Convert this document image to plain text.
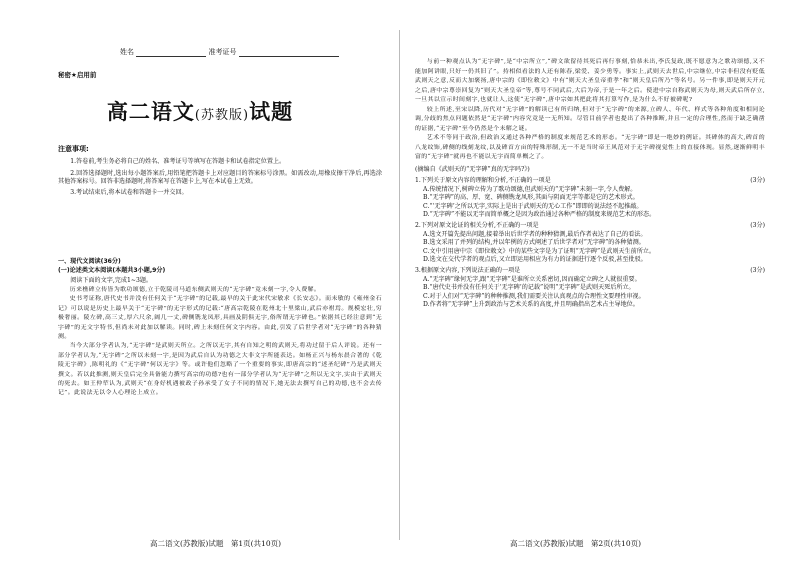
姓名	准考证号
秘密★启用前
高二语文(苏教版)试题

注意事项:

1.答卷前,考生务必将自己的姓名、准考证号等填写在答题卡和试卷指定位置上。

2.回答选择题时,选出每小题答案后,用铅笔把答题卡上对应题目的答案标号涂黑。如需改动,用橡皮擦干净后,再选涂其他答案标号。回答非选择题时,将答案写在答题卡上,写在本试卷上无效。

3.考试结束后,将本试卷和答题卡一并交回。

一、现代文阅读(36分)

(一)论述类文本阅读(本题共3小题,9分)

阅读下面的文字,完成1~3题。

历来樵碑立传皆为歌功颂德,立于乾陵司马道东侧武则天的“无字碑”竟未刻一字,令人费解。

史书考证称,唐代史书并没有任何关于“无字碑”的记载,最早的关于此宋代宋敏求《长安志》。而未敏的《雍州金石记》可以说是历史上最早关于“无字碑”的无字形式的记载:“唐高宗乾陵在乾州北十里梁山,武后亦祔焉。规模宏壮,穷极奢丽。陵左碑,高三丈,厚六尺余,阔几一丈,碑侧镌龙凤形,具画及阴俱无字,俗所谓无字碑也。”依据其已经注意到“无字碑”的无文字特书,但尚未对此加以解读。同时,碑上未刻任何文字内容。由此,引发了后世学者对“无字碑”的各种猜测。

当今大部分学者认为,“无字碑”是武则天所立。之所以无字,其有自知之明的武则天,将功过留于后人评说。还有一部分学者认为,“无字碑”之所以未刻一字,是因为武后自认为功德之大非文字所能表达。如杨正兴与杨东晨合著的《乾陵无字碑》,陈明礼的《“无字碑”何以无字》等。或许他们忽略了一个重要的事实,即唐高宗的“述圣纪碑”乃是武则天撰文。若以此推测,则天皇后完全具备能力撰写高宗的功德?也有一部分学者认为“无字碑”之所以无文字,实由于武则天的死去。如王仲荦认为,武则天“在身好机遇被政子孙承受了女子不同的情况下,她无法去撰写自己的功德,也不会去传记”。此说法无以令人心理论上成立。

高二语文(苏教版)试题　第1页(共10页)

与前一种观点认为“无字碑”,是“中宗所立”,“碑文欲留待其死后再行事刻,恰恭未出,李氏复政,既不愿意为之歌功颂德,又不能加阿讲眼,只好一仍其旧了”。持相似看法的人还有陈春,梁爱、姜少勇等。事实上,武则天去世后,中宗继位,中宗非但没有贬低武则天之意,反而大加褒扬,唐中宗的《即位敕文》中有“则天大圣皇帝重孝”和“则天皇后所乃”等名号。另一件事,即是则天开元之后,唐中宗尊崇回复为“则天大圣皇帝”等,尊号不同武后,大后为帝,于是一年之后。使进中宗自称武则天为母,则天武后所存立,一旦其以宣示时间刻字,也就让人,这使“无字碑”,唐中宗如其把此将其打算写作,是为什么不好被碑呢?

较上所述,至宋以降,历代对“无字碑”的解读已有所归纳,但对于“无字碑”的来源,立碑人、年代、样式等各种角度和相同论调,分歧的焦点问题依然是“无字碑”内容究竟是一无所知。尽管目前学者也提出了各种推断,并且一定的合理性,然而于缺乏确凿的证据,“无字碑”至今仍然是个未解之谜。

艺术不等同于政治,但政治又通过各种严格的制度来规范艺术的形态。“无字碑”即是一绝妙的例证。其碑体的高大,碑首的八龙纹饰,碑侧的线刻龙纹,以及碑首方亩的特殊形制,无一不是当时帝王风范对于无字碑视觉性上的直接体现。显然,逐渐鲜明丰富的“无字碑”就再也不能以无字而简单概之了。

(摘编自《武则天的“无字碑”真的无字吗?》)

1.下列关于原文内容的理解和分析,不正确的一项是	(3分)

A.传统情况下,树碑立传为了歌功颂德,但武则天的“无字碑”未刻一字,令人费解。

B.“无字碑”的高、厚、宽、碑侧镌龙凤形,其面与阴面无字等都是它的艺术形式。

C.“‘无字碑’之所以无字,实际上是出于武则天的无心工作”即即的说法经不起推敲。

D.“无字碑”不能以无字而简单概之是因为政治通过各种严格的制度来规范艺术的形态。

2.下列对原文论证的相关分析,不正确的一项是	(3分)

A.选文开篇先提出问题,接着举出后世学者的种种猜测,最后作者表达了自己的看法。

B.选文采用了并列的结构,并以年例的方式阐述了后世学者对“无字碑”的各种猜测。

C.文中引用唐中宗《即位敕文》中的某些文字是为了证明“无字碑”是武则天生前所立。

D.选文在交代学者的观点后,又立即运用相应为有力的证据进行逐个反驳,甚至批驳。

3.根据原文内容,下列说法正确的一项是	(3分)

A.“无字碑”缘何无字,跟“无字碑”是谁所立关系密切,因而确定立碑之人就很重要。

B.“唐代史书并没有任何关于‘无字碑’的记载”说明“无字碑”是武则天死后所立。

C.对于人们对“无字碑”的种种推测,我们需要关注认真观点的合理性文要理性审视。

D.作者将“无字碑”上升到政治与艺术关系的高度,并且明确指出艺术占主导地位。

高二语文(苏教版)试题　第2页(共10页)
